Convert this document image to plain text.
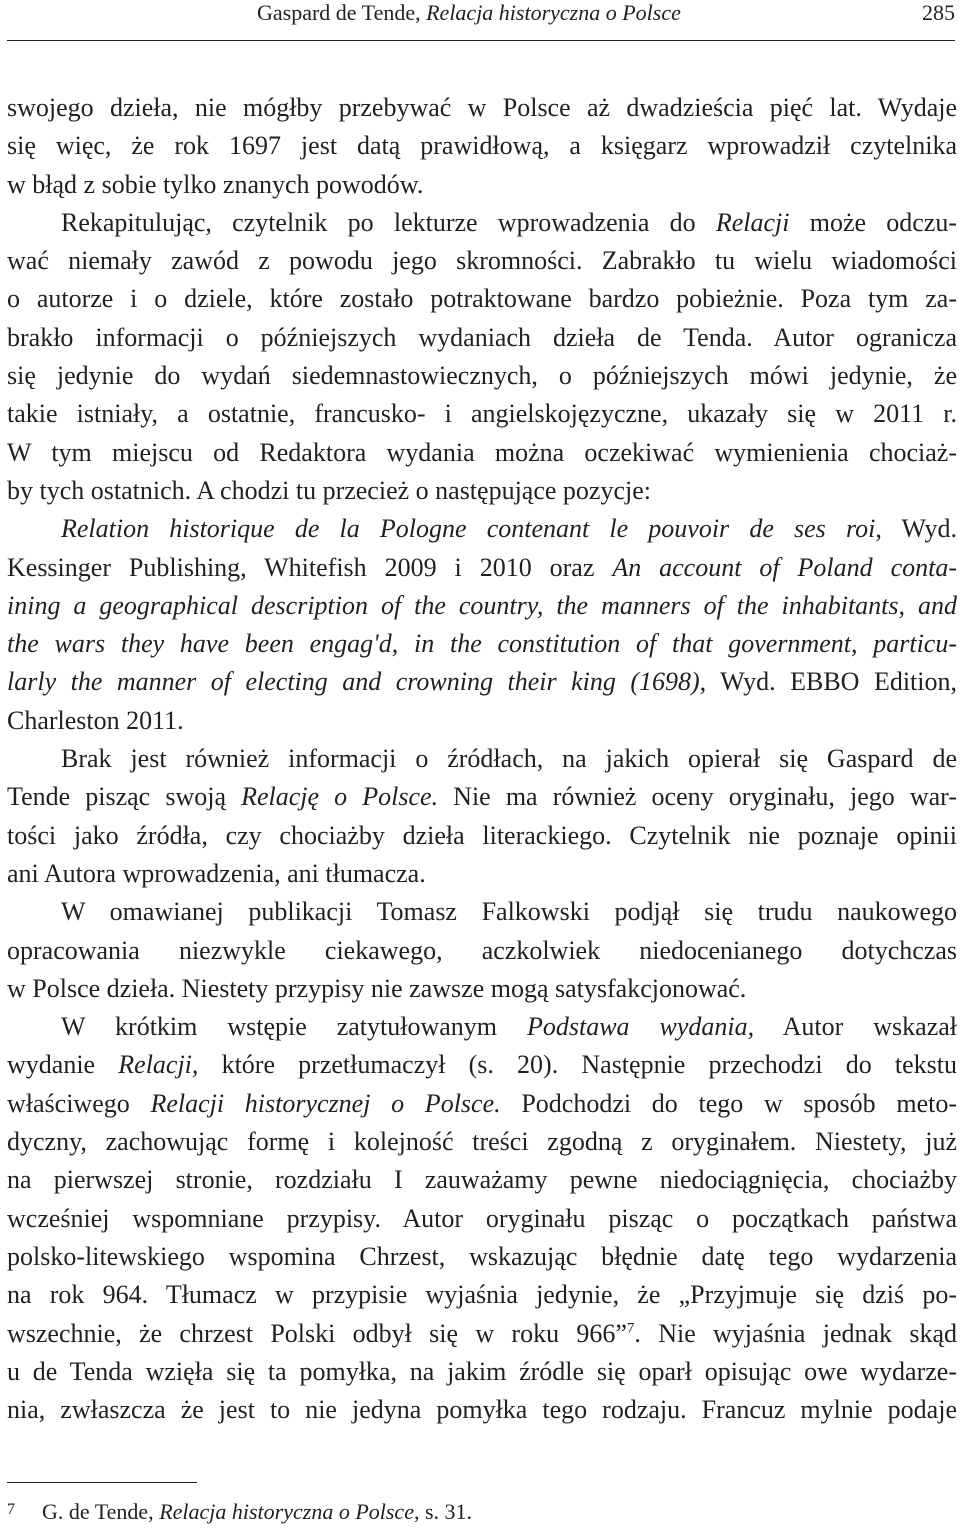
Gaspard de Tende, Relacja historyczna o Polsce	285
swojego dzieła, nie mógłby przebywać w Polsce aż dwadzieścia pięć lat. Wydaje
się więc, że rok 1697 jest datą prawidłową, a księgarz wprowadził czytelnika
w błąd z sobie tylko znanych powodów.
Rekapitulując, czytelnik po lekturze wprowadzenia do Relacji może odczu-
wać niemały zawód z powodu jego skromności. Zabrakło tu wielu wiadomości
o autorze i o dziele, które zostało potraktowane bardzo pobieżnie. Poza tym za-
brakło informacji o późniejszych wydaniach dzieła de Tenda. Autor ogranicza
się jedynie do wydań siedemnastowiecznych, o późniejszych mówi jedynie, że
takie istniały, a ostatnie, francusko- i angielskojęzyczne, ukazały się w 2011 r.
W tym miejscu od Redaktora wydania można oczekiwać wymienienia chociaż-
by tych ostatnich. A chodzi tu przecież o następujące pozycje:
Relation historique de la Pologne contenant le pouvoir de ses roi, Wyd.
Kessinger Publishing, Whitefish 2009 i 2010 oraz An account of Poland conta-
ining a geographical description of the country, the manners of the inhabitants, and
the wars they have been engag'd, in the constitution of that government, particu-
larly the manner of electing and crowning their king (1698), Wyd. EBBO Edition,
Charleston 2011.
Brak jest również informacji o źródłach, na jakich opierał się Gaspard de
Tende pisząc swoją Relację o Polsce. Nie ma również oceny oryginału, jego war-
tości jako źródła, czy chociażby dzieła literackiego. Czytelnik nie poznaje opinii
ani Autora wprowadzenia, ani tłumacza.
W omawianej publikacji Tomasz Falkowski podjął się trudu naukowego
opracowania niezwykle ciekawego, aczkolwiek niedocenianego dotychczas
w Polsce dzieła. Niestety przypisy nie zawsze mogą satysfakcjonować.
W krótkim wstępie zatytułowanym Podstawa wydania, Autor wskazał
wydanie Relacji, które przetłumaczył (s. 20). Następnie przechodzi do tekstu
właściwego Relacji historycznej o Polsce. Podchodzi do tego w sposób meto-
dyczny, zachowując formę i kolejność treści zgodną z oryginałem. Niestety, już
na pierwszej stronie, rozdziału I zauważamy pewne niedociągnięcia, chociażby
wcześniej wspomniane przypisy. Autor oryginału pisząc o początkach państwa
polsko-litewskiego wspomina Chrzest, wskazując błędnie datę tego wydarzenia
na rok 964. Tłumacz w przypisie wyjaśnia jedynie, że „Przyjmuje się dziś po-
wszechnie, że chrzest Polski odbył się w roku 966”$^7$. Nie wyjaśnia jednak skąd
u de Tenda wzięła się ta pomyłka, na jakim źródle się oparł opisując owe wydarze-
nia, zwłaszcza że jest to nie jedyna pomyłka tego rodzaju. Francuz mylnie podaje
7 G. de Tende, Relacja historyczna o Polsce, s. 31.
